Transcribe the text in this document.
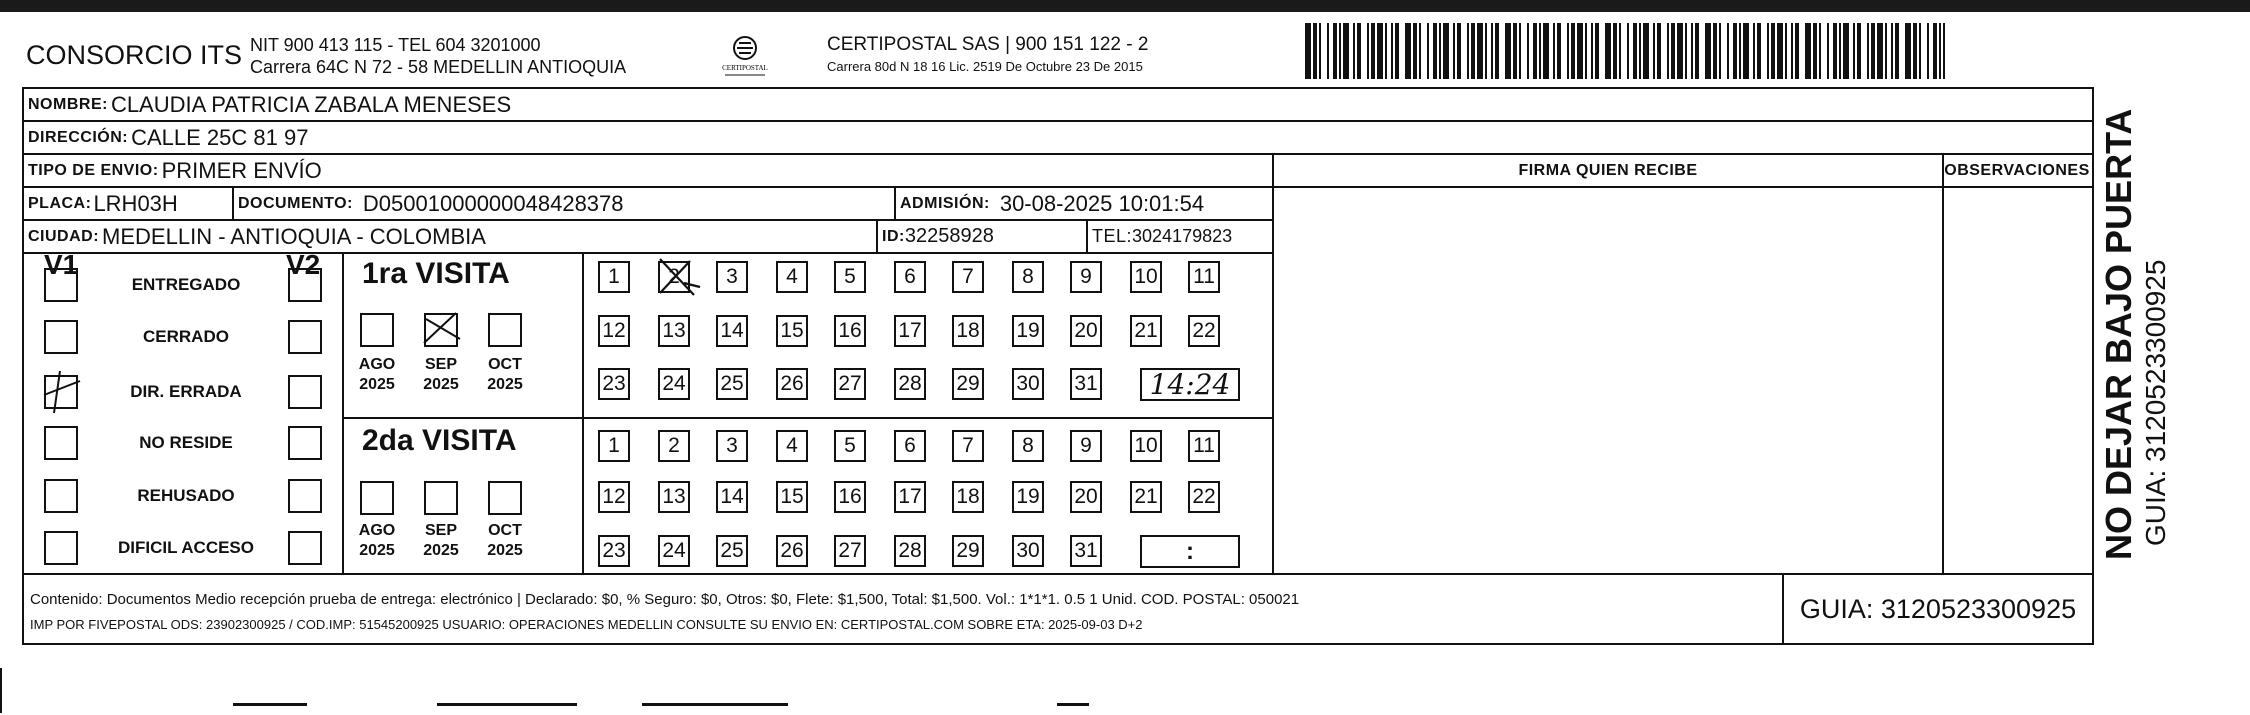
CONSORCIO ITS NIT 900 413 115 - TEL 604 3201000
Carrera 64C N 72 - 58 MEDELLIN ANTIOQUIA	CERTIPOSTAL
CERTIPOSTAL SAS | 900 151 122 - 2
Carrera 80d N 18 16 Lic. 2519 De Octubre 23 De 2015
NOMBRE: CLAUDIA PATRICIA ZABALA MENESES
DIRECCIÓN: CALLE 25C 81 97
TIPO DE ENVIO: PRIMER ENVÍO	FIRMA QUIEN RECIBE	OBSERVACIONES
PLACA: LRH03H	DOCUMENTO: D05001000000048428378	ADMISIÓN: 30-08-2025 10:01:54
CIUDAD: MEDELLIN - ANTIOQUIA - COLOMBIA	ID: 32258928	TEL: 3024179823
V1	V2
ENTREGADO
CERRADO
DIR. ERRADA
NO RESIDE
REHUSADO
DIFICIL ACCESO
1ra VISITA
AGO
2025
SEP
2025
OCT
2025
1 2 3 4 5 6 7 8 9 10 11
12 13 14 15 16 17 18 19 20 21 22
23 24 25 26 27 28 29 30 31 14:24
2da VISITA
AGO
2025
SEP
2025
OCT
2025
1 2 3 4 5 6 7 8 9 10 11
12 13 14 15 16 17 18 19 20 21 22
23 24 25 26 27 28 29 30 31	:
Contenido: Documentos Medio recepción prueba de entrega: electrónico | Declarado: $0, % Seguro: $0, Otros: $0, Flete: $1,500, Total: $1,500. Vol.: 1*1*1. 0.5 1 Unid. COD. POSTAL: 050021
IMP POR FIVEPOSTAL ODS: 23902300925 / COD.IMP: 51545200925 USUARIO: OPERACIONES MEDELLIN CONSULTE SU ENVIO EN: CERTIPOSTAL.COM SOBRE ETA: 2025-09-03 D+2
GUIA: 3120523300925
NO DEJAR BAJO PUERTA GUIA: 3120523300925
